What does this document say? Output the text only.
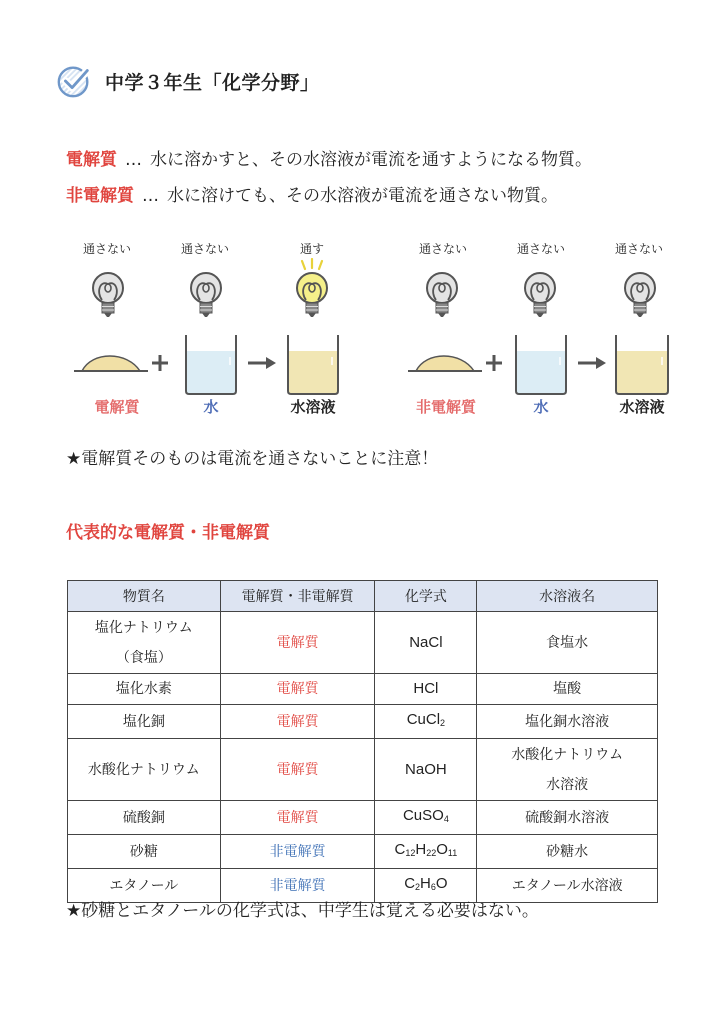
中学３年生「化学分野」
電解質 … 水に溶かすと、その水溶液が電流を通すようになる物質。
非電解質 … 水に溶けても、その水溶液が電流を通さない物質。
通さない	通さない	通す
電解質	水	水溶液
通さない	通さない	通さない
非電解質	水	水溶液
★電解質そのものは電流を通さないことに注意！
代表的な電解質・非電解質
物質名	電解質・非電解質	化学式	水溶液名

塩化ナトリウム
（食塩）	電解質	NaCl	食塩水
塩化水素	電解質	HCl	塩酸
塩化銅	電解質	CuCl$_2$	塩化銅水溶液
水酸化ナトリウム	電解質	NaOH	水酸化ナトリウム
水溶液

硫酸銅	電解質	CuSO$_4$	硫酸銅水溶液
砂糖	非電解質	$C_{12}H_{22}O_{11}$	砂糖水
エタノール	非電解質	$C_2H_6O$	エタノール水溶液
★砂糖とエタノールの化学式は、中学生は覚える必要はない。
